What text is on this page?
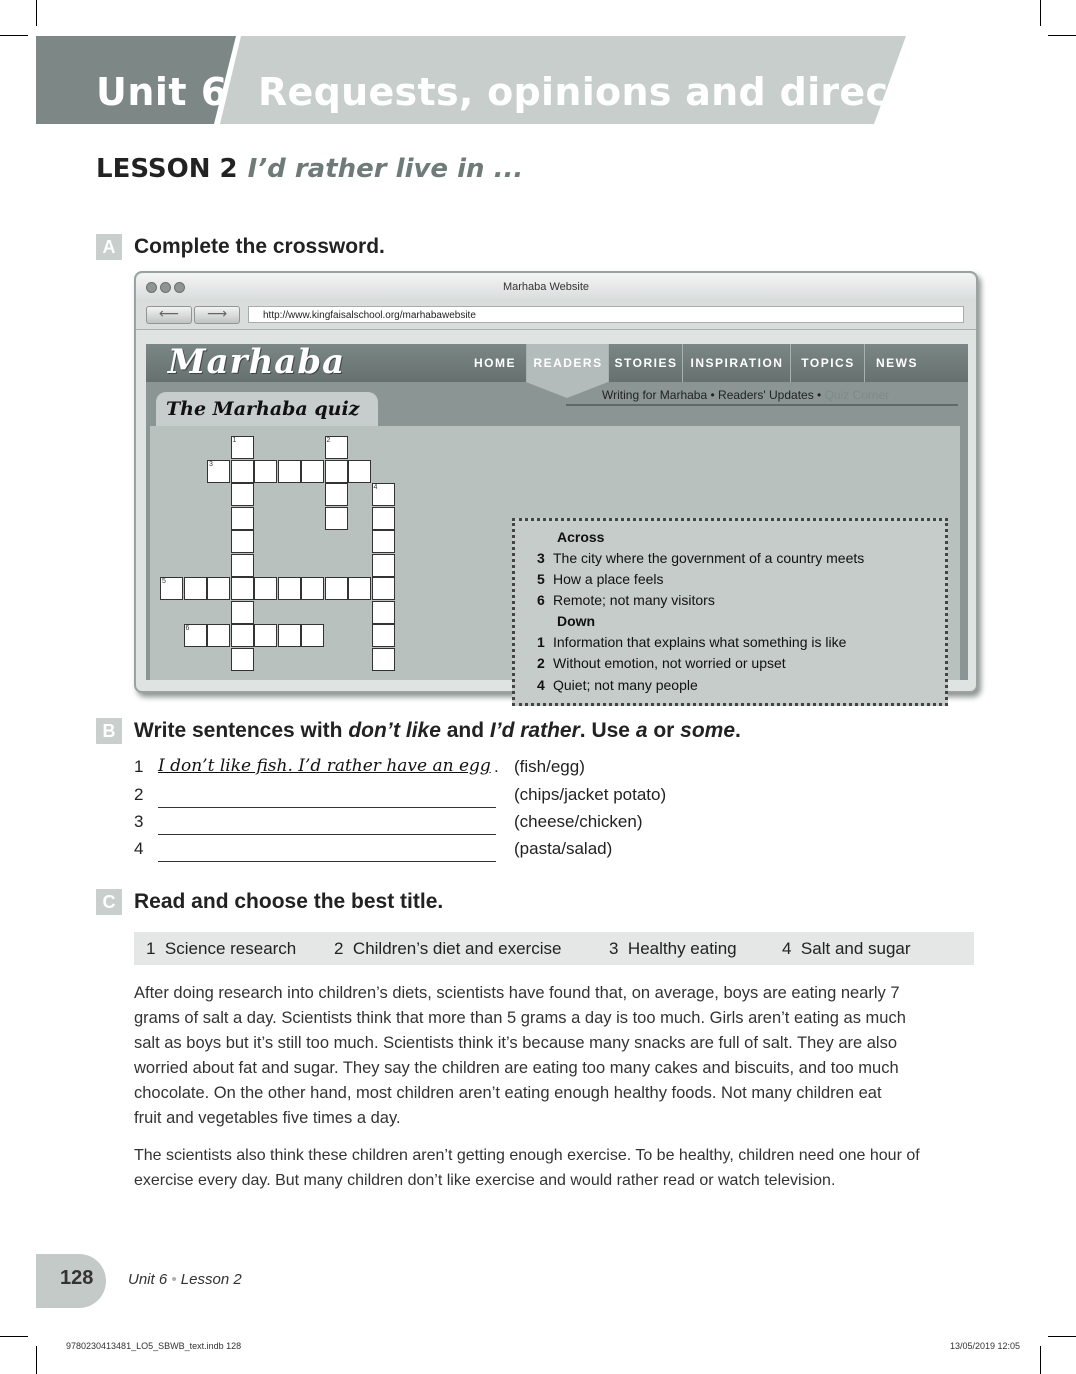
Unit 6 Requests, opinions and directions
LESSON 2 I’d rather live in ...
A Complete the crossword.
Marhaba Website
⟵	⟶	http://www.kingfaisalschool.org/marhabawebsite
Marhaba	HOME	READERS STORIES	INSPIRATION	TOPICS	NEWS
Writing for Marhaba • Readers' Updates • Quiz Corner
The Marhaba quiz
1	2
3
4
5
6
Across
3 The city where the government of a country meets
5 How a place feels
6 Remote; not many visitors
Down
1 Information that explains what something is like
2 Without emotion, not worried or upset
4 Quiet; not many people
B Write sentences with don’t like and I’d rather. Use a or some.
1 I don’t like fish. I’d rather have an egg . (fish/egg)
2	(chips/jacket potato)
3	(cheese/chicken)
4	(pasta/salad)
C Read and choose the best title.
1 Science research 2 Children’s diet and exercise	3 Healthy eating	4 Salt and sugar
After doing research into children’s diets, scientists have found that, on average, boys are eating nearly 7
grams of salt a day. Scientists think that more than 5 grams a day is too much. Girls aren’t eating as much
salt as boys but it’s still too much. Scientists think it’s because many snacks are full of salt. They are also
worried about fat and sugar. They say the children are eating too many cakes and biscuits, and too much
chocolate. On the other hand, most children aren’t eating enough healthy foods. Not many children eat
fruit and vegetables five times a day.
The scientists also think these children aren’t getting enough exercise. To be healthy, children need one hour of
exercise every day. But many children don’t like exercise and would rather read or watch television.
128 Unit 6 • Lesson 2
9780230413481_LO5_SBWB_text.indb 128	13/05/2019 12:05
